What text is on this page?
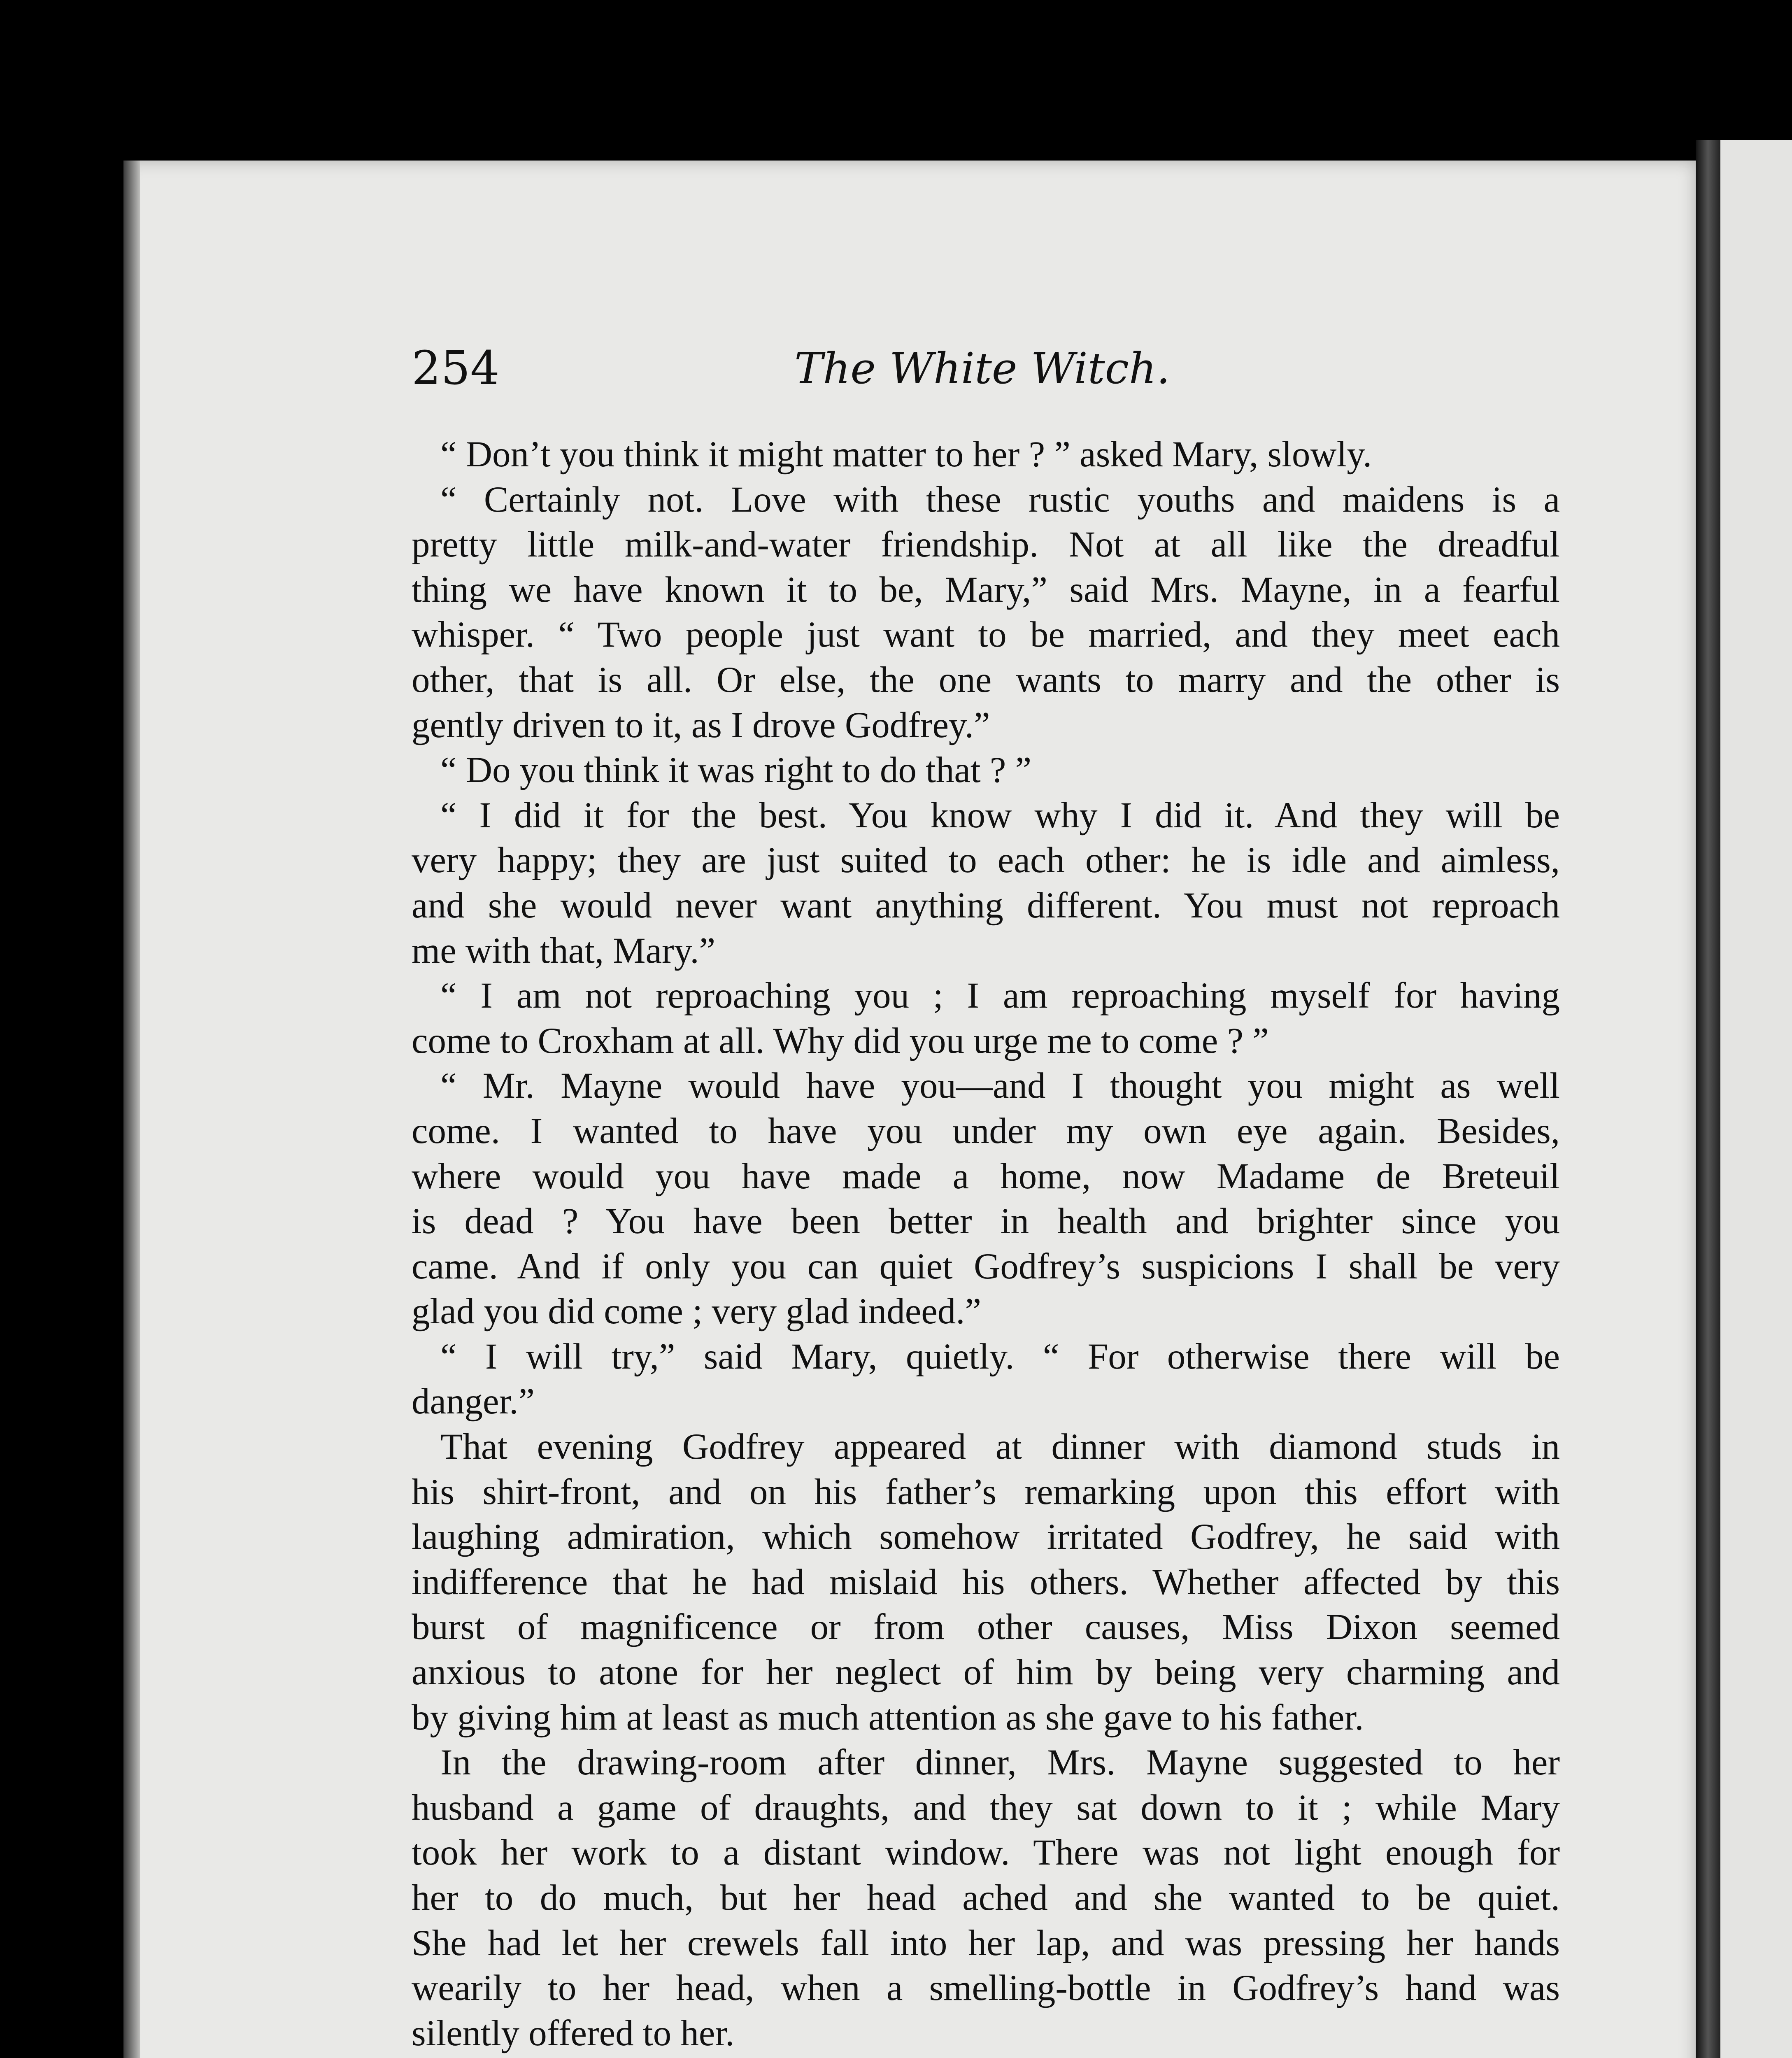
254	The White Witch.
“ Don’t you think it might matter to her ? ” asked Mary, slowly.
“ Certainly not. Love with these rustic youths and maidens is a
pretty little milk-and-water friendship. Not at all like the dreadful
thing we have known it to be, Mary,” said Mrs. Mayne, in a fearful
whisper. “ Two people just want to be married, and they meet each
other, that is all. Or else, the one wants to marry and the other is
gently driven to it, as I drove Godfrey.”
“ Do you think it was right to do that ? ”
“ I did it for the best. You know why I did it. And they will be
very happy; they are just suited to each other: he is idle and aimless,
and she would never want anything different. You must not reproach
me with that, Mary.”
“ I am not reproaching you ; I am reproaching myself for having
come to Croxham at all. Why did you urge me to come ? ”
“ Mr. Mayne would have you—and I thought you might as well
come. I wanted to have you under my own eye again. Besides,
where would you have made a home, now Madame de Breteuil
is dead ? You have been better in health and brighter since you
came. And if only you can quiet Godfrey’s suspicions I shall be very
glad you did come ; very glad indeed.”
“ I will try,” said Mary, quietly. “ For otherwise there will be
danger.”
That evening Godfrey appeared at dinner with diamond studs in
his shirt-front, and on his father’s remarking upon this effort with
laughing admiration, which somehow irritated Godfrey, he said with
indifference that he had mislaid his others. Whether affected by this
burst of magnificence or from other causes, Miss Dixon seemed
anxious to atone for her neglect of him by being very charming and
by giving him at least as much attention as she gave to his father.
In the drawing-room after dinner, Mrs. Mayne suggested to her
husband a game of draughts, and they sat down to it ; while Mary
took her work to a distant window. There was not light enough for
her to do much, but her head ached and she wanted to be quiet.
She had let her crewels fall into her lap, and was pressing her hands
wearily to her head, when a smelling-bottle in Godfrey’s hand was
silently offered to her.
